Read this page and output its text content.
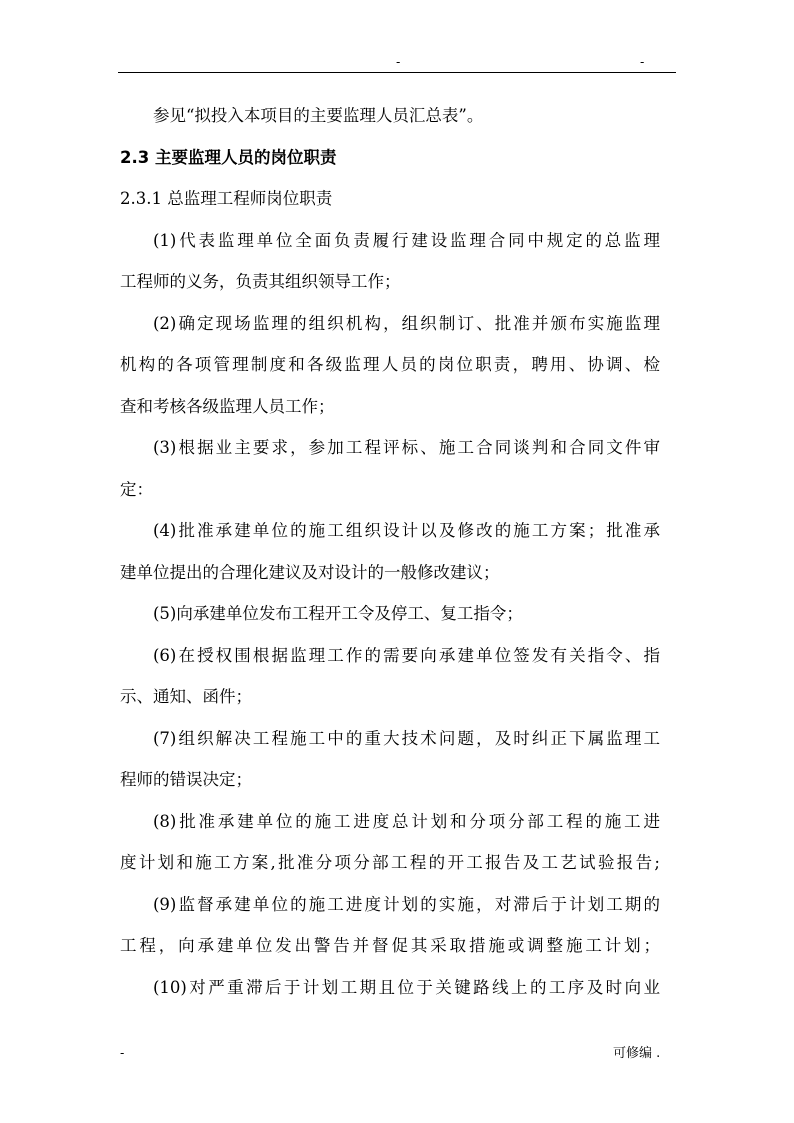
-	-
参见“拟投入本项目的主要监理人员汇总表”。
2.3 主要监理人员的岗位职责
2.3.1 总监理工程师岗位职责
(1)代表监理单位全面负责履行建设监理合同中规定的总监理
工程师的义务，负责其组织领导工作；
(2)确定现场监理的组织机构，组织制订、批准并颁布实施监理
机构的各项管理制度和各级监理人员的岗位职责，聘用、协调、检
查和考核各级监理人员工作；
(3)根据业主要求，参加工程评标、施工合同谈判和合同文件审
定：
(4)批准承建单位的施工组织设计以及修改的施工方案；批准承
建单位提出的合理化建议及对设计的一般修改建议；
(5)向承建单位发布工程开工令及停工、复工指令；
(6)在授权围根据监理工作的需要向承建单位签发有关指令、指
示、通知、函件；
(7)组织解决工程施工中的重大技术问题，及时纠正下属监理工
程师的错误决定；
(8)批准承建单位的施工进度总计划和分项分部工程的施工进
度计划和施工方案,批准分项分部工程的开工报告及工艺试验报告;
(9)监督承建单位的施工进度计划的实施，对滞后于计划工期的
工程，向承建单位发出警告并督促其采取措施或调整施工计划；
(10)对严重滞后于计划工期且位于关键路线上的工序及时向业
-	可修编 .
